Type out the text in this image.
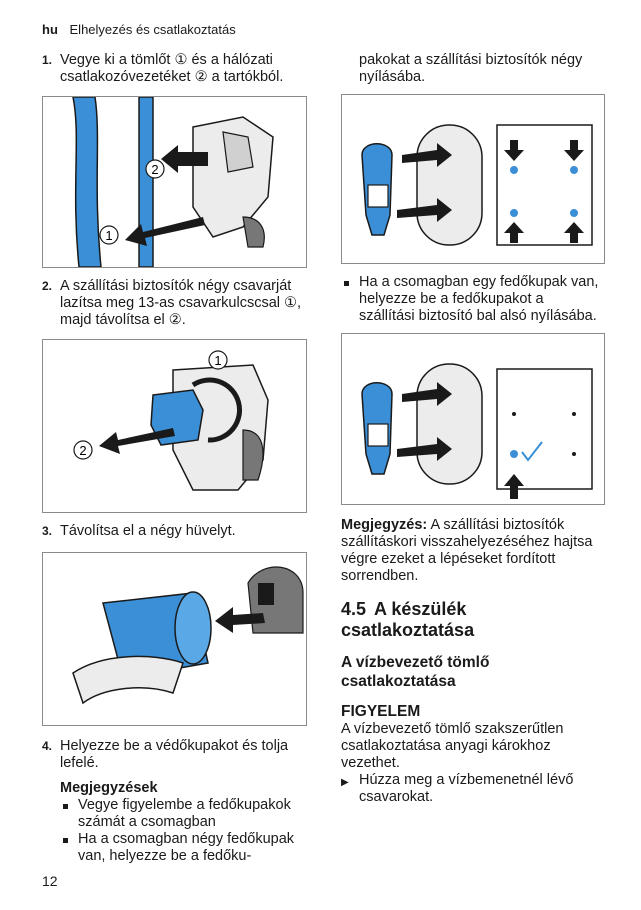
hu Elhelyezés és csatlakoztatás
1. Vegye ki a tömlőt ① és a hálózati csatlakozóvezetéket ② a tartókból.
2
1
2. A szállítási biztosítók négy csavarját lazítsa meg 13-as csavarkulcscsal ①, majd távolítsa el ②.
1
2
3. Távolítsa el a négy hüvelyt.
4. Helyezze be a védőkupakot és tolja lefelé.
Megjegyzések
Vegye figyelembe a fedőkupakok számát a csomagban
Ha a csomagban négy fedőkupak van, helyezze be a fedőku-
pakokat a szállítási biztosítók négy nyílásába.
Ha a csomagban egy fedőkupak van, helyezze be a fedőkupakot a szállítási biztosító bal alsó nyílásába.
Megjegyzés: A szállítási biztosítók szállításkori visszahelyezéséhez hajtsa végre ezeket a lépéseket fordított sorrendben.
4.5 A készülék csatlakoztatása
A vízbevezető tömlő csatlakoztatása
FIGYELEM
A vízbevezető tömlő szakszerűtlen csatlakoztatása anyagi károkhoz vezethet.
▶ Húzza meg a vízbemenetnél lévő csavarokat.
12
